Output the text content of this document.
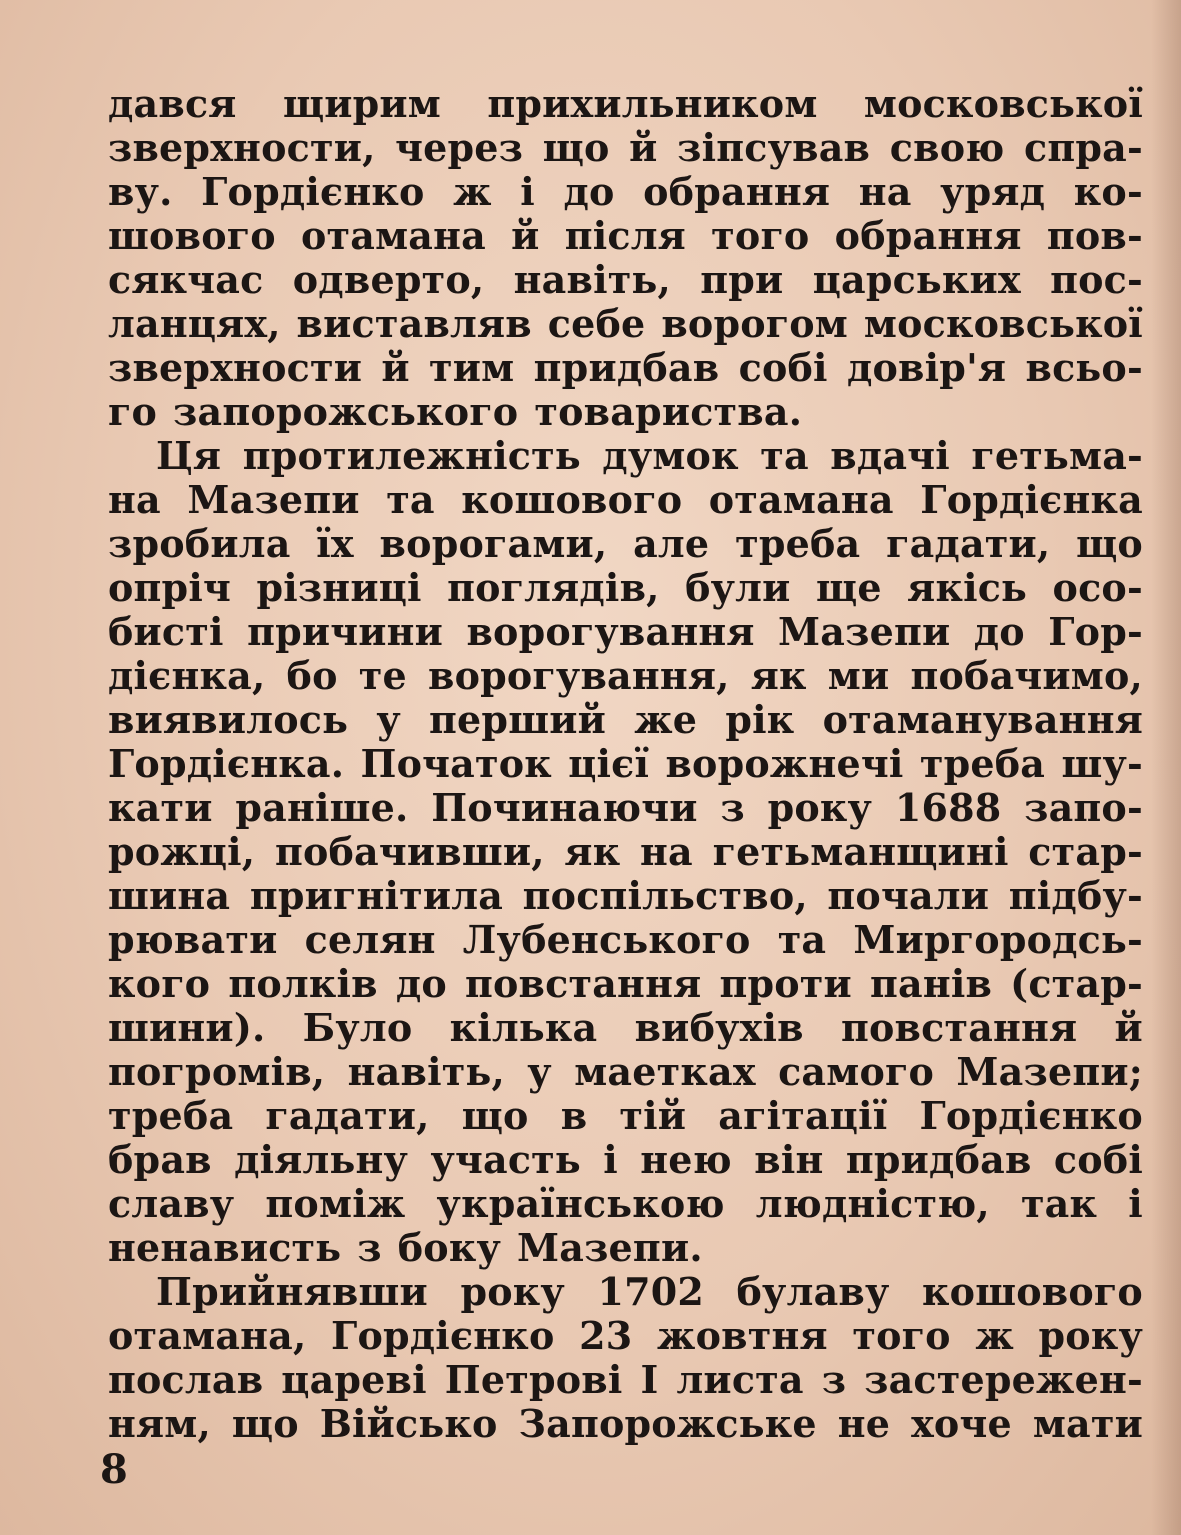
дався щирим прихильником московської
зверхности, через що й зіпсував свою спра-
ву. Гордієнко ж і до обрання на уряд ко-
шового отамана й після того обрання пов-
сякчас одверто, навіть, при царських пос-
ланцях, виставляв себе ворогом московської
зверхности й тим придбав собі довір'я всьо-
го запорожського товариства.
Ця протилежність думок та вдачі гетьма-
на Мазепи та кошового отамана Гордієнка
зробила їх ворогами, але треба гадати, що
опріч різниці поглядів, були ще якісь осо-
бисті причини ворогування Мазепи до Гор-
дієнка, бо те ворогування, як ми побачимо,
виявилось у перший же рік отаманування
Гордієнка. Початок цієї ворожнечі треба шу-
кати раніше. Починаючи з року 1688 запо-
рожці, побачивши, як на гетьманщині стар-
шина пригнітила поспільство, почали підбу-
рювати селян Лубенського та Миргородсь-
кого полків до повстання проти панів (стар-
шини). Було кілька вибухів повстання й
погромів, навіть, у маетках самого Мазепи;
треба гадати, що в тій агітації Гордієнко
брав діяльну участь і нею він придбав собі
славу поміж українською людністю, так і
ненависть з боку Мазепи.
Прийнявши року 1702 булаву кошового
отамана, Гордієнко 23 жовтня того ж року
послав цареві Петрові І листа з застережен-
ням, що Військо Запорожське не хоче мати
8
